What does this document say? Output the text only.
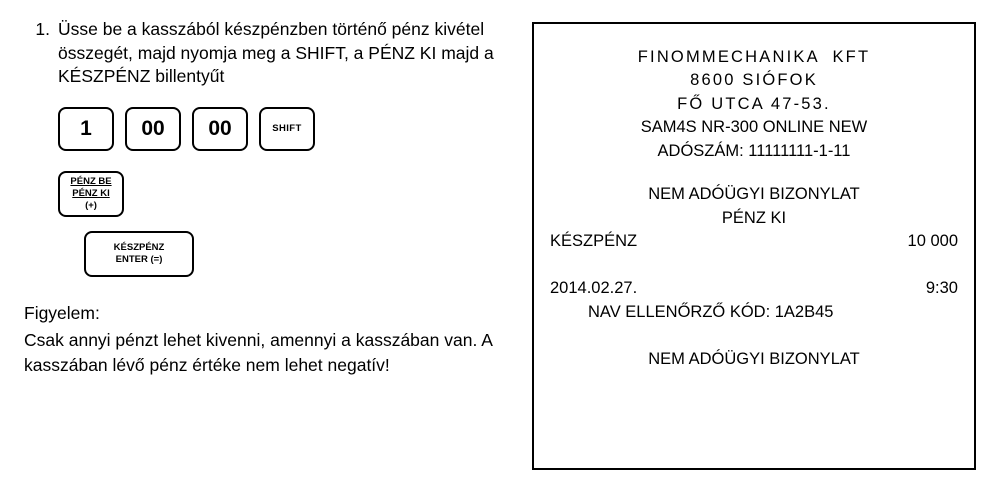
1. Üsse be a kasszából készpénzben történő pénz kivétel összegét, majd nyomja meg a SHIFT, a PÉNZ KI majd a KÉSZPÉNZ billentyűt
1 00 00	SHIFT
PÉNZ BE
PÉNZ KI
(+)
KÉSZPÉNZ
ENTER (=)
Figyelem:
Csak annyi pénzt lehet kivenni, amennyi a kasszában van. A kasszában lévő pénz értéke nem lehet negatív!
FINOMMECHANIKA  KFT
8600 SIÓFOK
FŐ UTCA 47-53.
SAM4S NR-300 ONLINE NEW
ADÓSZÁM: 11111111-1-11
NEM ADÓÜGYI BIZONYLAT
PÉNZ KI
KÉSZPÉNZ	10 000
2014.02.27.	9:30
NAV ELLENŐRZŐ KÓD: 1A2B45
NEM ADÓÜGYI BIZONYLAT
